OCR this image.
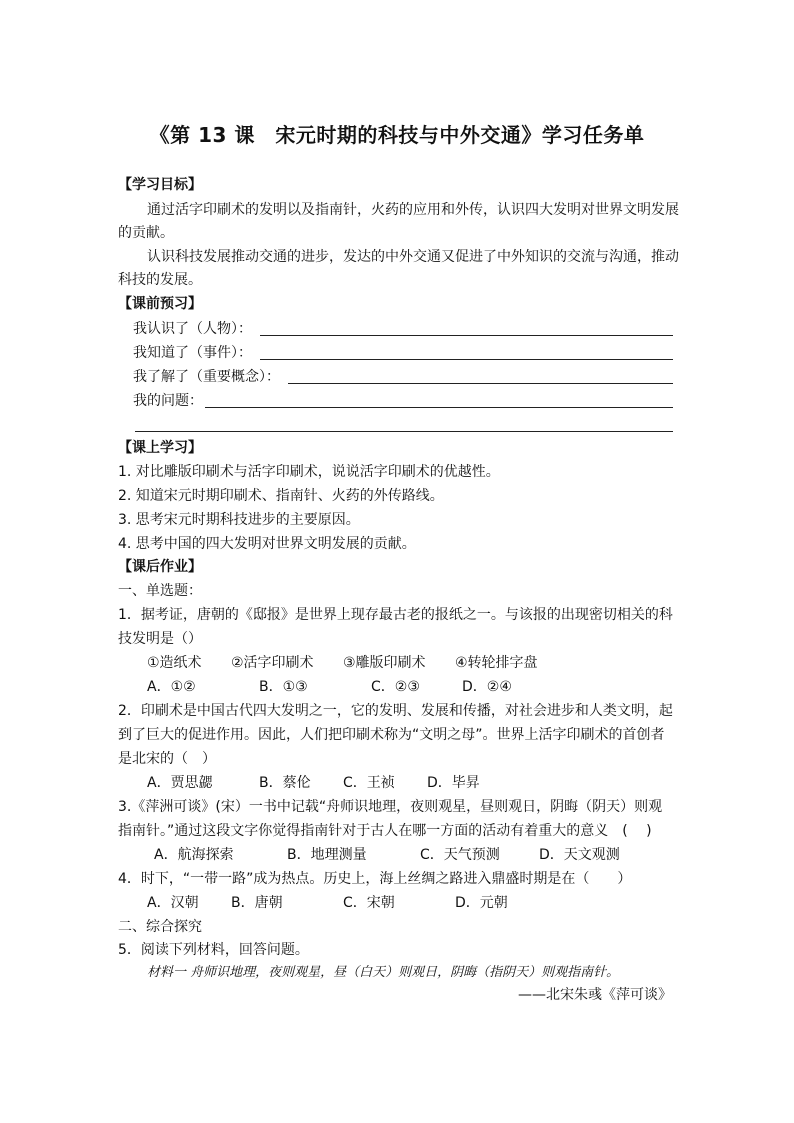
《第 13 课　宋元时期的科技与中外交通》学习任务单
【学习目标】
通过活字印刷术的发明以及指南针，火药的应用和外传，认识四大发明对世界文明发展
的贡献。
认识科技发展推动交通的进步，发达的中外交通又促进了中外知识的交流与沟通，推动
科技的发展。
【课前预习】
我认识了（人物）：
我知道了（事件）：
我了解了（重要概念）：
我的问题：
【课上学习】
1. 对比雕版印刷术与活字印刷术，说说活字印刷术的优越性。
2. 知道宋元时期印刷术、指南针、火药的外传路线。
3. 思考宋元时期科技进步的主要原因。
4. 思考中国的四大发明对世界文明发展的贡献。
【课后作业】
一、单选题：
1．据考证，唐朝的《邸报》是世界上现存最古老的报纸之一。与该报的出现密切相关的科
技发明是（）
①造纸术 ②活字印刷术 ③雕版印刷术 ④转轮排字盘
A．①②	B．①③	C．②③	D．②④
2．印刷术是中国古代四大发明之一，它的发明、发展和传播，对社会进步和人类文明，起
到了巨大的促进作用。因此，人们把印刷术称为“文明之母”。世界上活字印刷术的首创者
是北宋的（　）
A．贾思勰	B．蔡伦 C．王祯 D．毕昇
3.《萍洲可谈》(宋）一书中记载“舟师识地理，夜则观星，昼则观日，阴晦（阴天）则观
指南针。”通过这段文字你觉得指南针对于古人在哪一方面的活动有着重大的意义　(　 )
A．航海探索	B．地理测量	C．天气预测	D．天文观测
4．时下，“一带一路”成为热点。历史上，海上丝绸之路进入鼎盛时期是在（　　）
A．汉朝 B．唐朝	C．宋朝	D．元朝
二、综合探究
5．阅读下列材料，回答问题。
材料一 舟师识地理，夜则观星，昼（白天）则观日，阴晦（指阴天）则观指南针。
——北宋朱彧《萍可谈》
